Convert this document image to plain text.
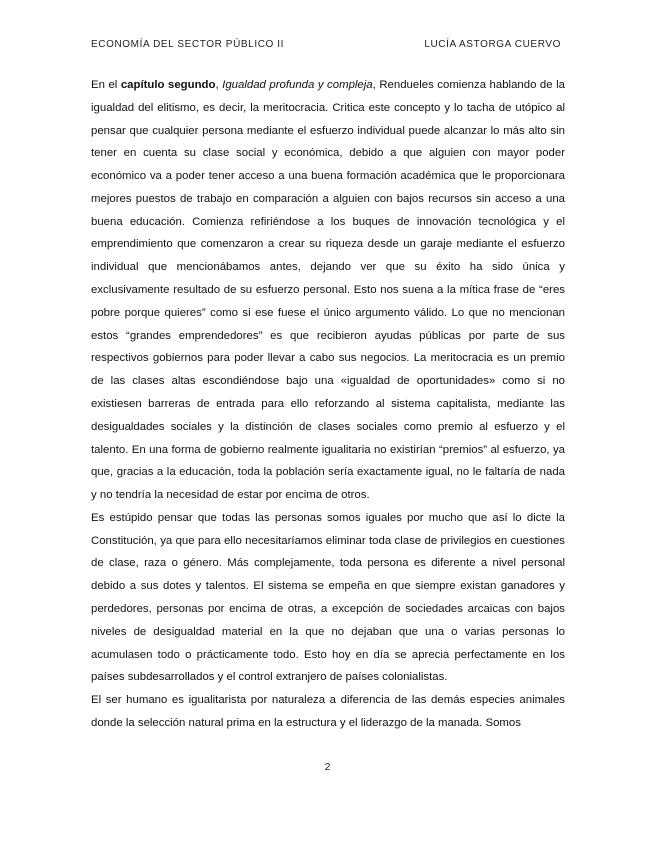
ECONOMÍA DEL SECTOR PÚBLICO II	LUCÍA ASTORGA CUERVO

En el capítulo segundo, Igualdad profunda y compleja, Rendueles comienza hablando de la igualdad del elitismo, es decir, la meritocracia. Critica este concepto y lo tacha de utópico al pensar que cualquier persona mediante el esfuerzo individual puede alcanzar lo más alto sin tener en cuenta su clase social y económica, debido a que alguien con mayor poder económico va a poder tener acceso a una buena formación académica que le proporcionara mejores puestos de trabajo en comparación a alguien con bajos recursos sin acceso a una buena educación. Comienza refiriéndose a los buques de innovación tecnológica y el emprendimiento que comenzaron a crear su riqueza desde un garaje mediante el esfuerzo individual que mencionábamos antes, dejando ver que su éxito ha sido única y exclusivamente resultado de su esfuerzo personal. Esto nos suena a la mítica frase de “eres pobre porque quieres” como si ese fuese el único argumento válido. Lo que no mencionan estos “grandes emprendedores” es que recibieron ayudas públicas por parte de sus respectivos gobiernos para poder llevar a cabo sus negocios. La meritocracia es un premio de las clases altas escondiéndose bajo una «igualdad de oportunidades» como si no existiesen barreras de entrada para ello reforzando al sistema capitalista, mediante las desigualdades sociales y la distinción de clases sociales como premio al esfuerzo y el talento. En una forma de gobierno realmente igualitaria no existirían “premios” al esfuerzo, ya que, gracias a la educación, toda la población sería exactamente igual, no le faltaría de nada y no tendría la necesidad de estar por encima de otros.

Es estúpido pensar que todas las personas somos iguales por mucho que así lo dicte la Constitución, ya que para ello necesitaríamos eliminar toda clase de privilegios en cuestiones de clase, raza o género. Más complejamente, toda persona es diferente a nivel personal debido a sus dotes y talentos. El sistema se empeña en que siempre existan ganadores y perdedores, personas por encima de otras, a excepción de sociedades arcaicas con bajos niveles de desigualdad material en la que no dejaban que una o varias personas lo acumulasen todo o prácticamente todo. Esto hoy en día se aprecia perfectamente en los países subdesarrollados y el control extranjero de países colonialistas.

El ser humano es igualitarista por naturaleza a diferencia de las demás especies animales donde la selección natural prima en la estructura y el liderazgo de la manada. Somos

2
